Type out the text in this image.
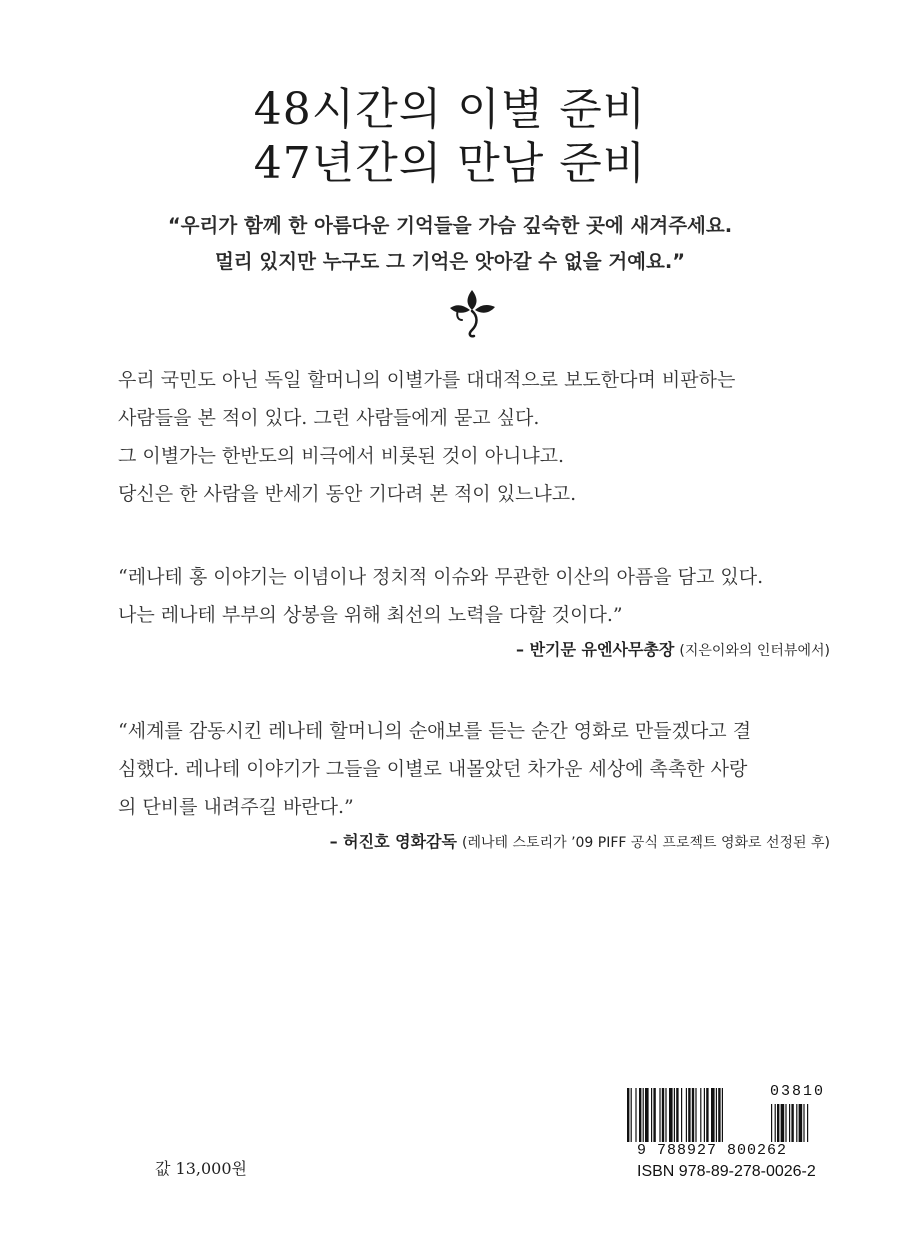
48시간의 이별 준비
47년간의 만남 준비
“우리가 함께 한 아름다운 기억들을 가슴 깊숙한 곳에 새겨주세요.
멀리 있지만 누구도 그 기억은 앗아갈 수 없을 거예요.”
우리 국민도 아닌 독일 할머니의 이별가를 대대적으로 보도한다며 비판하는
사람들을 본 적이 있다. 그런 사람들에게 묻고 싶다.
그 이별가는 한반도의 비극에서 비롯된 것이 아니냐고.
당신은 한 사람을 반세기 동안 기다려 본 적이 있느냐고.
“레나테 홍 이야기는 이념이나 정치적 이슈와 무관한 이산의 아픔을 담고 있다.
나는 레나테 부부의 상봉을 위해 최선의 노력을 다할 것이다.”
– 반기문 유엔사무총장 (지은이와의 인터뷰에서)
“세계를 감동시킨 레나테 할머니의 순애보를 듣는 순간 영화로 만들겠다고 결
심했다. 레나테 이야기가 그들을 이별로 내몰았던 차가운 세상에 촉촉한 사랑
의 단비를 내려주길 바란다.”
– 허진호 영화감독 (레나테 스토리가 ’09 PIFF 공식 프로젝트 영화로 선정된 후)
값 13,000원
03810
9 788927 800262
ISBN 978-89-278-0026-2
